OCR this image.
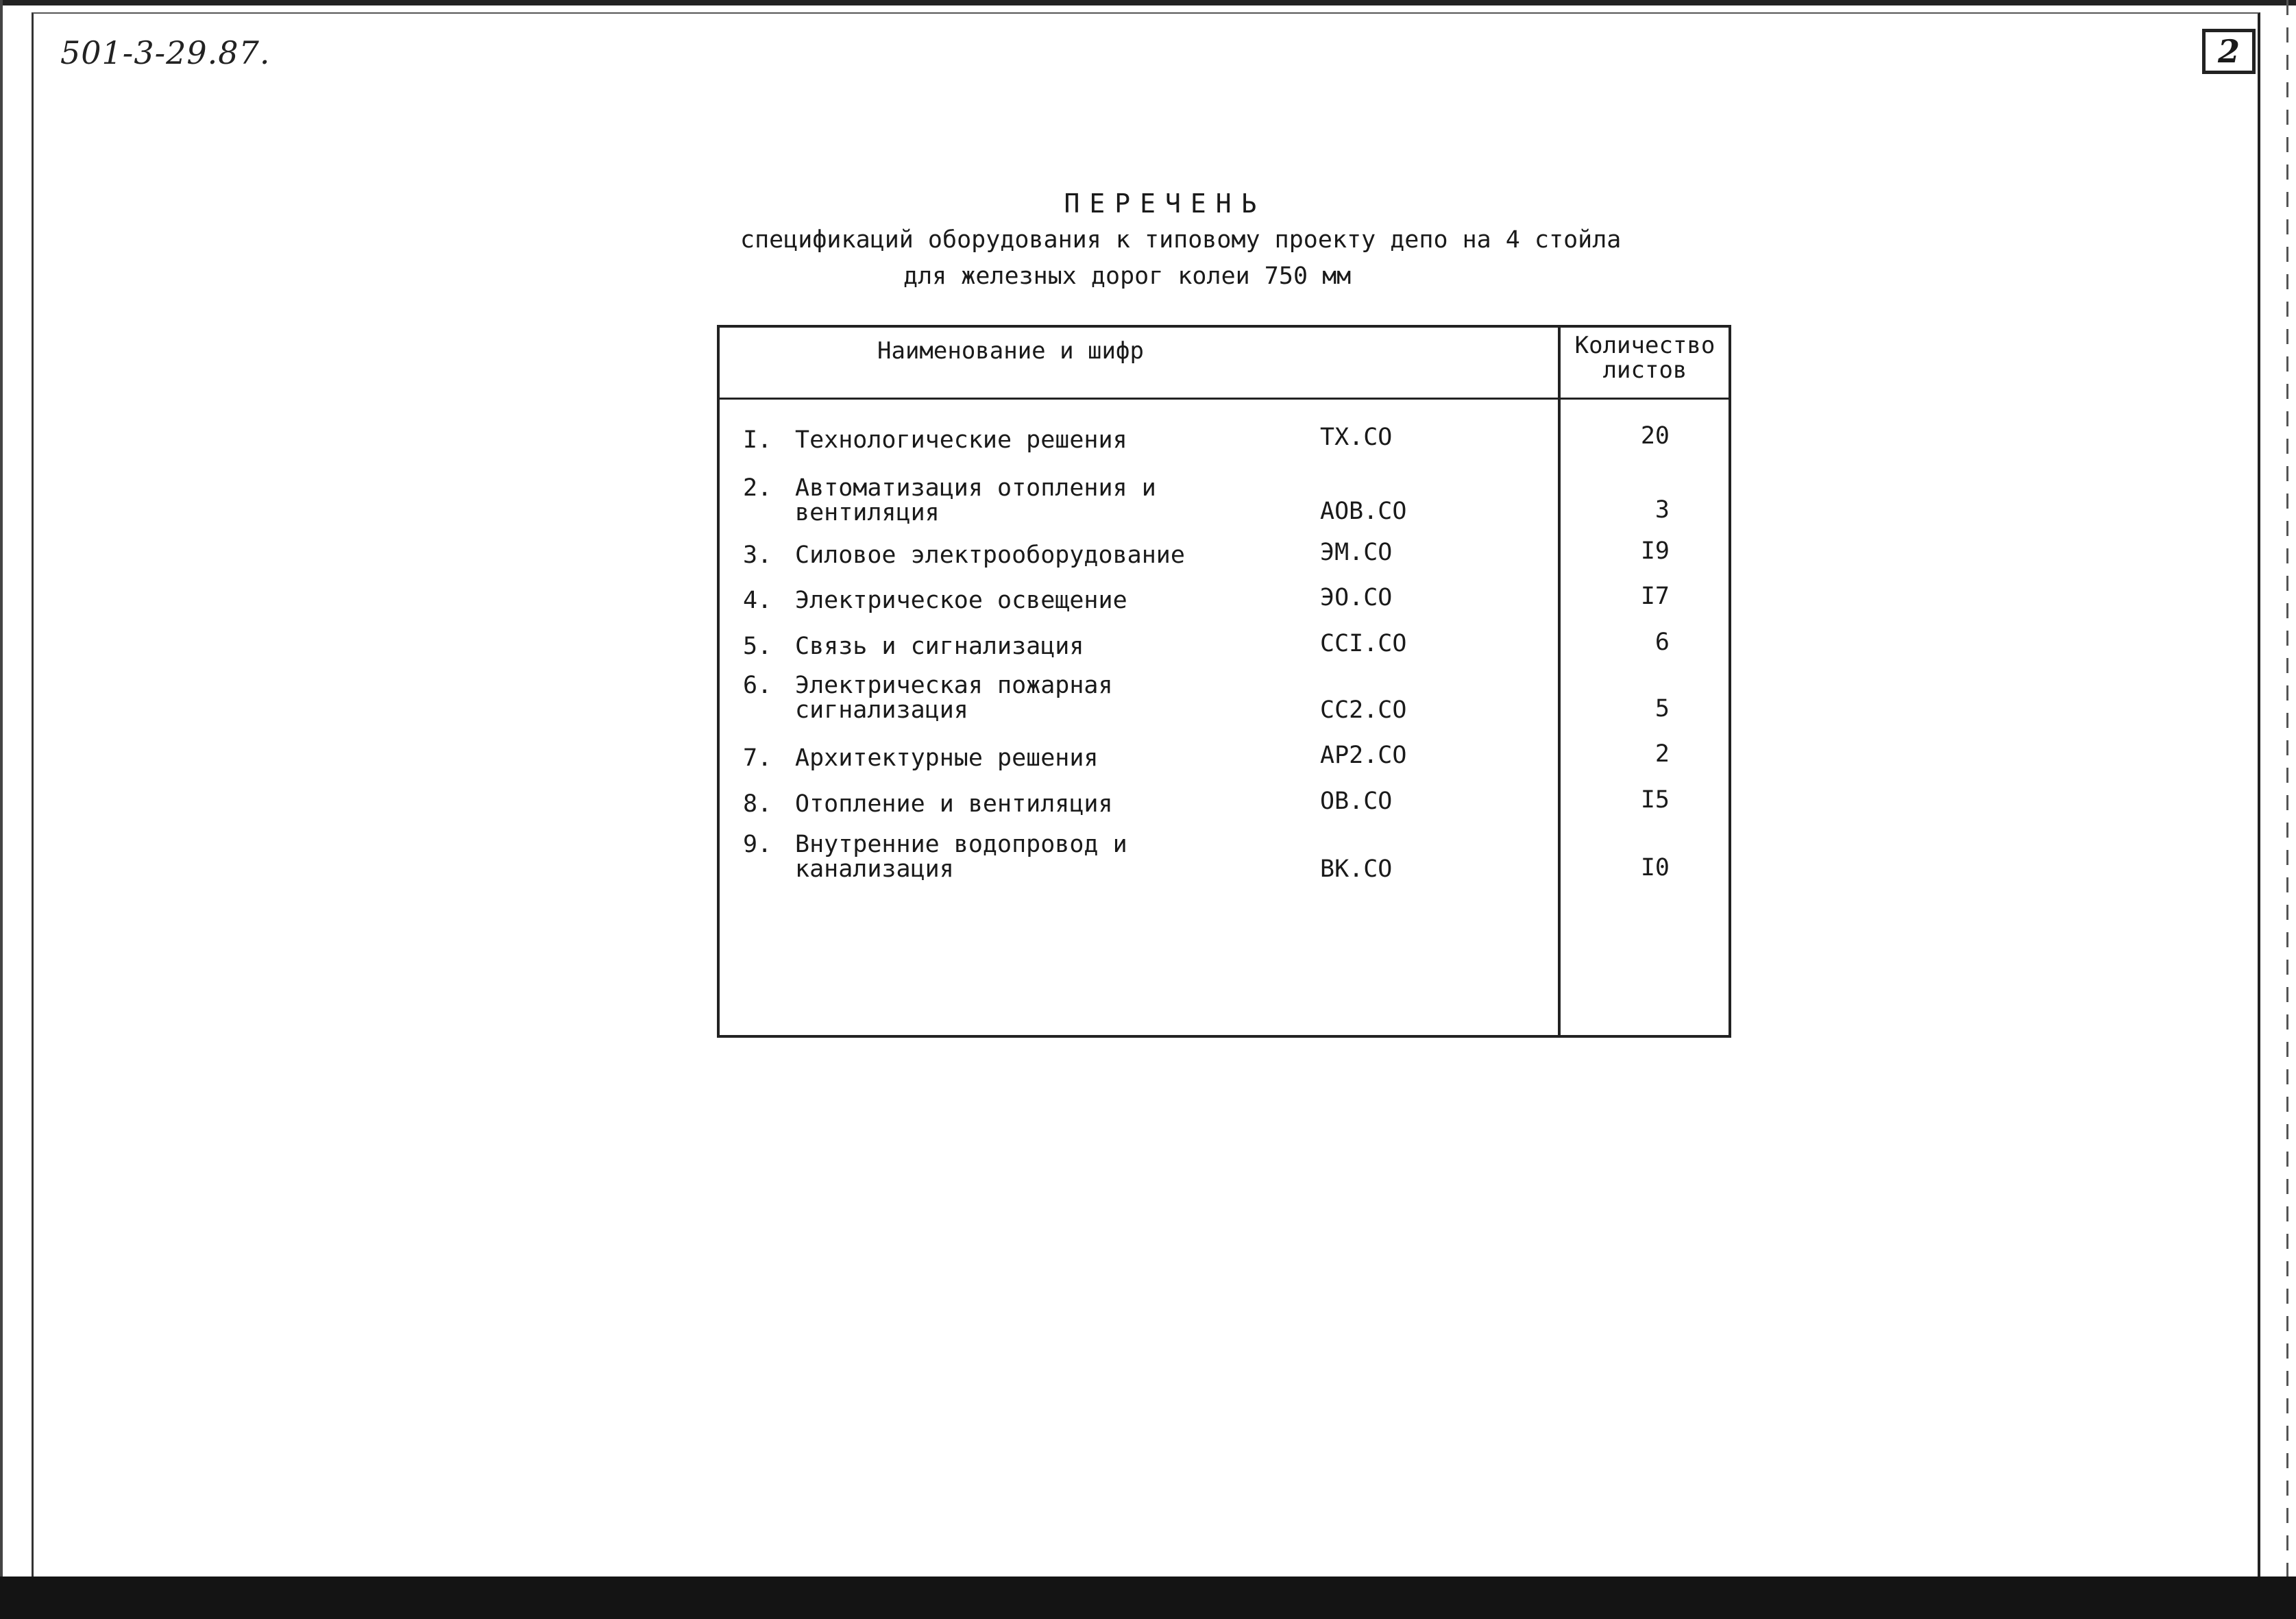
501-3-29.87.	2
ПЕРЕЧЕНЬ
спецификаций оборудования к типовому проекту депо на 4 стойла
для железных дорог колеи 750 мм
Наименование и шифр	Количество
листов
I. Технологические решения	ТХ.СО	20
2. Автоматизация отопления и вентиляция	АОВ.СО	3
3. Силовое электрооборудование	ЭМ.СО	I9
4. Электрическое освещение	ЭО.СО	I7
5. Связь и сигнализация	ССI.СО	6
6. Электрическая пожарная сигнализация	СС2.СО	5
7. Архитектурные решения	АР2.СО	2
8. Отопление и вентиляция	ОВ.СО	I5
9. Внутренние водопровод и канализация	ВК.СО	I0
